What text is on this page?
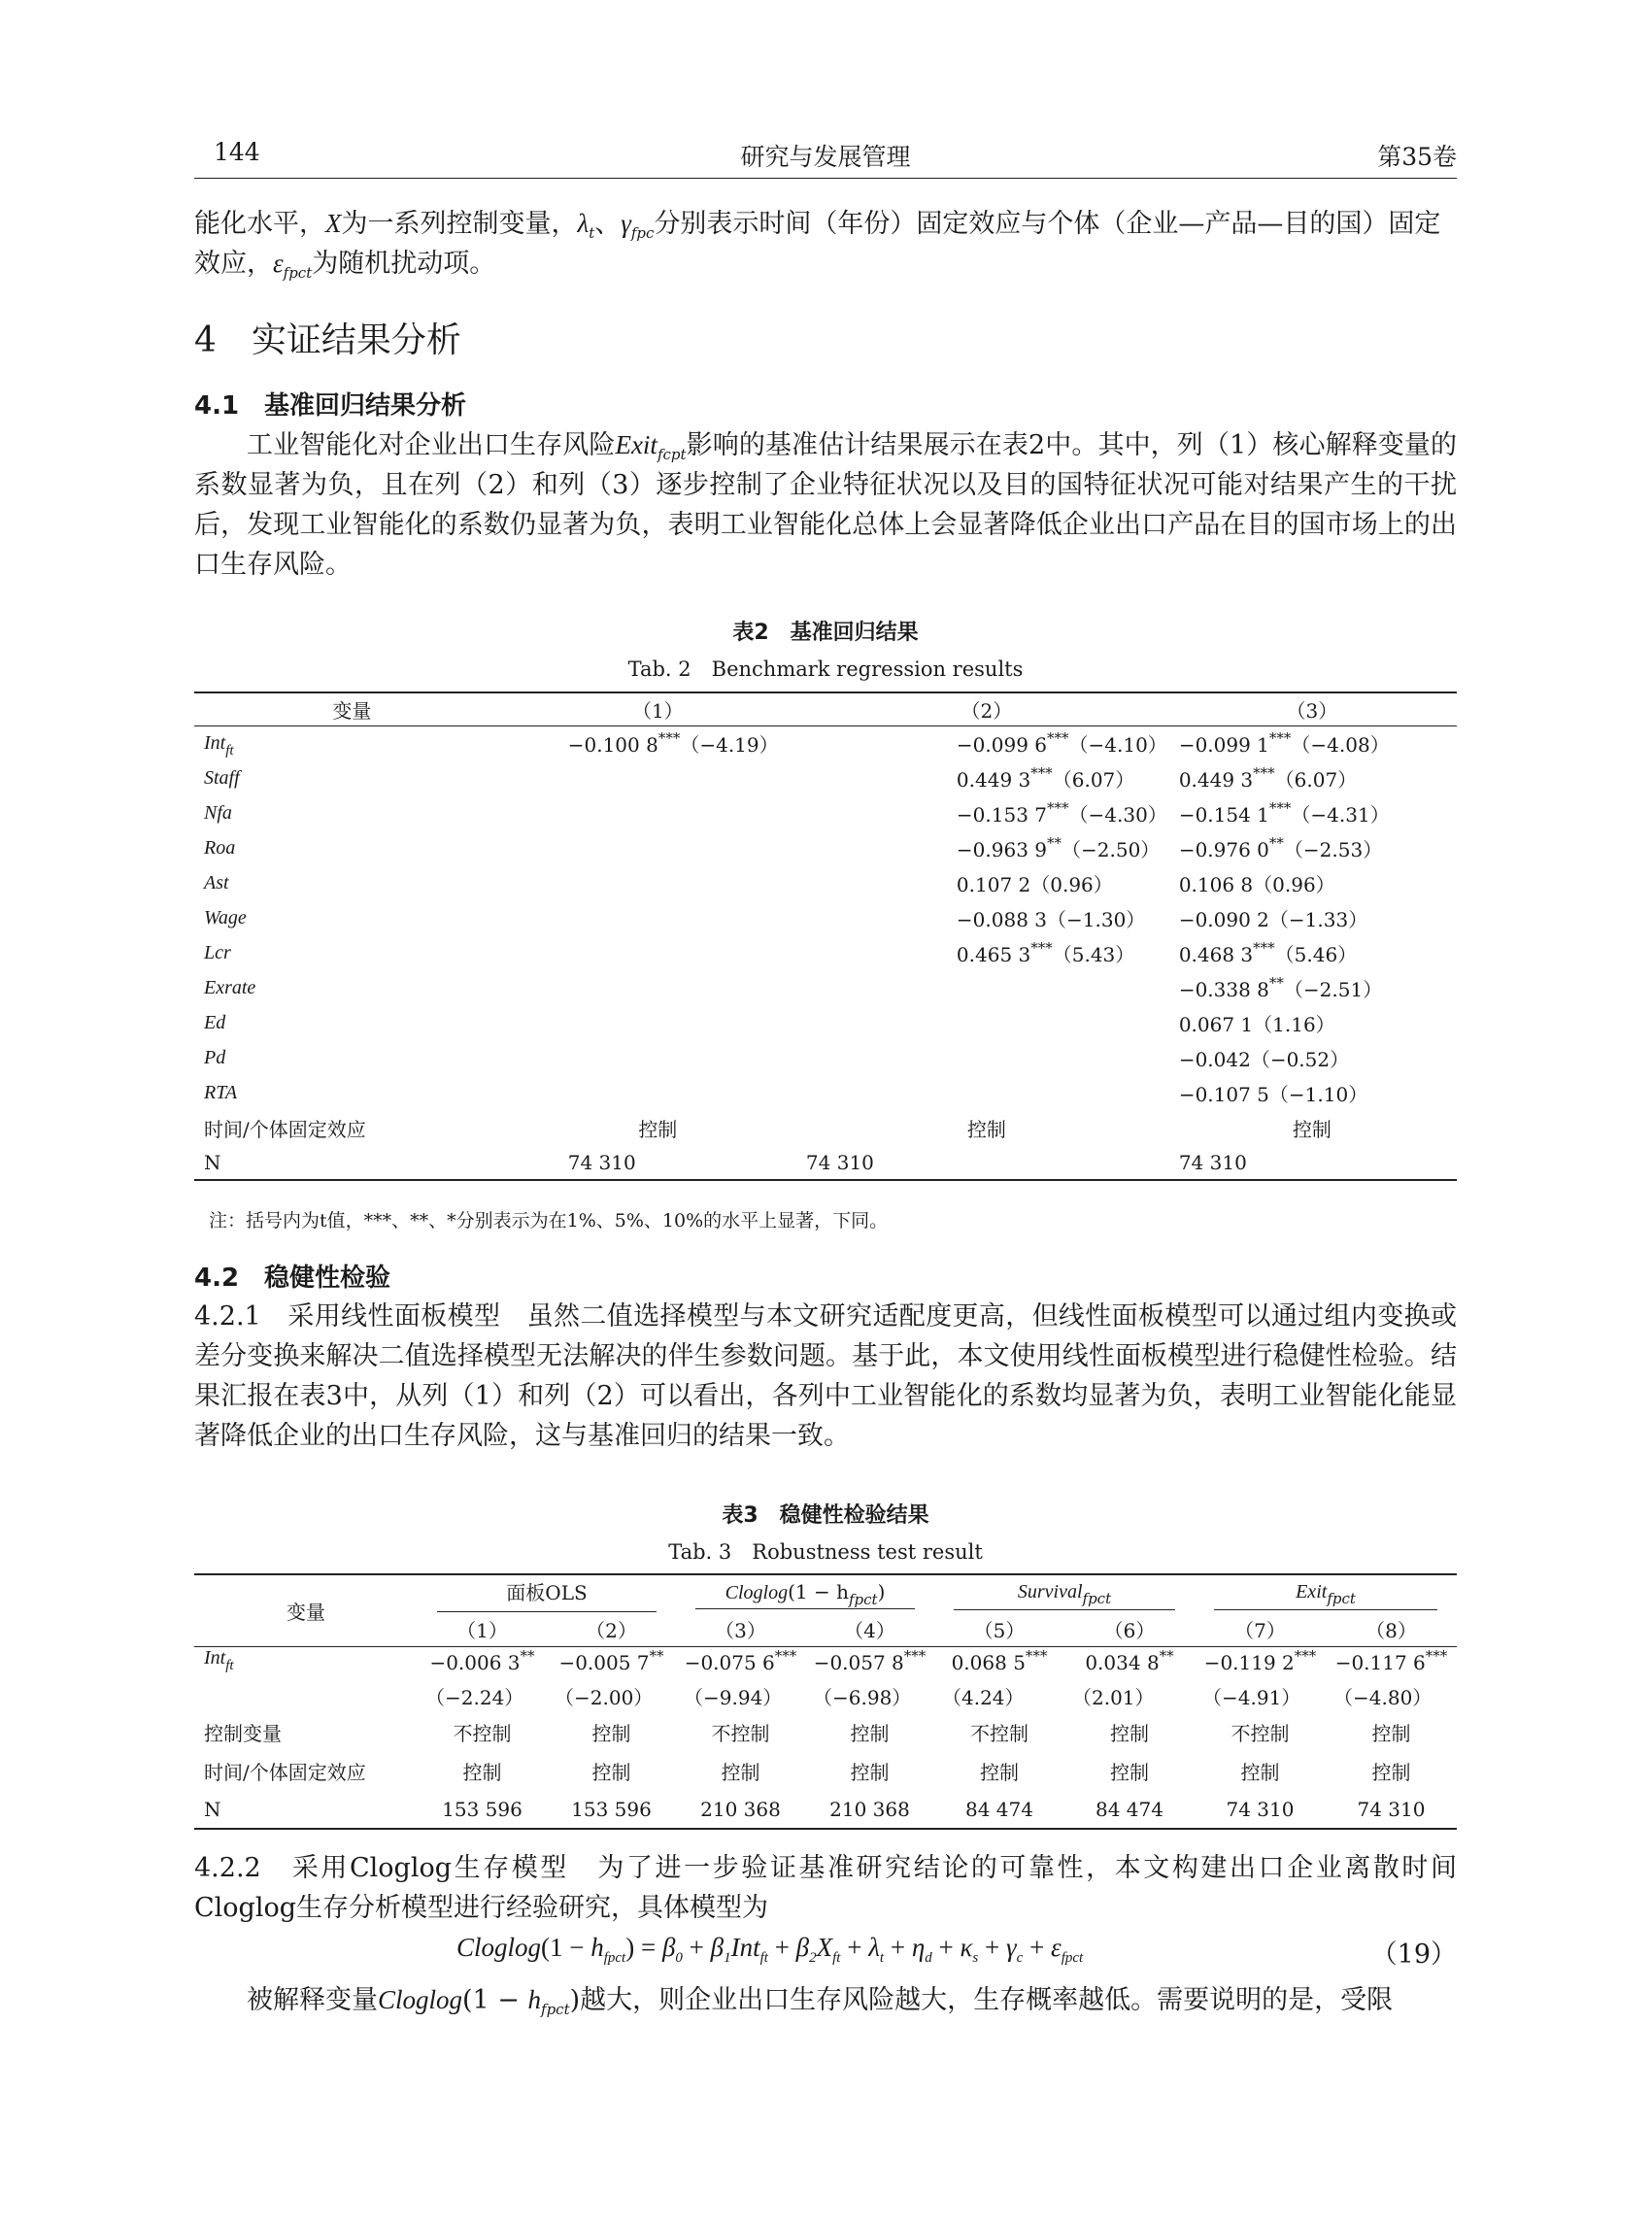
144	研究与发展管理	第35卷

能化水平，X为一系列控制变量，$\lambda_t$、$\gamma_{fpc}$分别表示时间（年份）固定效应与个体（企业—产品—目的国）固定
效应，$\varepsilon_{fpct}$为随机扰动项。

4　实证结果分析
4.1　基准回归结果分析

工业智能化对企业出口生存风险Exit$_{fcpt}$影响的基准估计结果展示在表2中。其中，列（1）核心解释变量的系数显著为负，且在列（2）和列（3）逐步控制了企业特征状况以及目的国特征状况可能对结果产生的干扰后，发现工业智能化的系数仍显著为负，表明工业智能化总体上会显著降低企业出口产品在目的国市场上的出口生存风险。

表2　基准回归结果
Tab. 2　Benchmark regression results
变量	（1）	（2）	（3）
Int$_{ft}$	−0.100 8***（−4.19）	−0.099 6***（−4.10）	−0.099 1***（−4.08）
Staff		0.449 3***（6.07）	0.449 3***（6.07）
Nfa		−0.153 7***（−4.30）	−0.154 1***（−4.31）
Roa		−0.963 9**（−2.50）	−0.976 0**（−2.53）
Ast		0.107 2（0.96）	0.106 8（0.96）
Wage		−0.088 3（−1.30）	−0.090 2（−1.33）
Lcr		0.465 3***（5.43）	0.468 3***（5.46）
Exrate			−0.338 8**（−2.51）
Ed			0.067 1（1.16）
Pd			−0.042（−0.52）
RTA			−0.107 5（−1.10）
时间/个体固定效应	控制	控制	控制
N	74 310	74 310	74 310
注：括号内为t值，***、**、*分别表示为在1%、5%、10%的水平上显著，下同。
4.2　稳健性检验

4.2.1　采用线性面板模型　虽然二值选择模型与本文研究适配度更高，但线性面板模型可以通过组内变换或差分变换来解决二值选择模型无法解决的伴生参数问题。基于此，本文使用线性面板模型进行稳健性检验。结果汇报在表3中，从列（1）和列（2）可以看出，各列中工业智能化的系数均显著为负，表明工业智能化能显著降低企业的出口生存风险，这与基准回归的结果一致。

表3　稳健性检验结果
Tab. 3　Robustness test result
变量	面板OLS		Cloglog(1 − $h_{fpct}$)		Survival$_{fpct}$		Exit$_{fpct}$

	（1）	（2）	（3）	（4）	（5）	（6）	（7）	（8）
Int$_{ft}$	−0.006 3**	−0.005 7**	−0.075 6***	−0.057 8***	0.068 5***	0.034 8**	−0.119 2***	−0.117 6***
	（−2.24）	（−2.00）	（−9.94）	（−6.98）	（4.24）	（2.01）	（−4.91）	（−4.80）
控制变量	不控制	控制	不控制	控制	不控制	控制	不控制	控制
时间/个体固定效应	控制	控制	控制	控制	控制	控制	控制	控制
N	153 596	153 596	210 368	210 368	84 474	84 474	74 310	74 310

4.2.2　采用Cloglog生存模型　为了进一步验证基准研究结论的可靠性，本文构建出口企业离散时间Cloglog生存分析模型进行经验研究，具体模型为

Cloglog(1 − $h_{fpct}) = \beta_0 + \beta_1Int_{ft} + \beta_2X_{ft} + \lambda_t + \eta_d + \kappa_s + \gamma_c + \varepsilon_{fpct}$	（19）

被解释变量Cloglog(1 − $h_{fpct}$)越大，则企业出口生存风险越大，生存概率越低。需要说明的是，受限
